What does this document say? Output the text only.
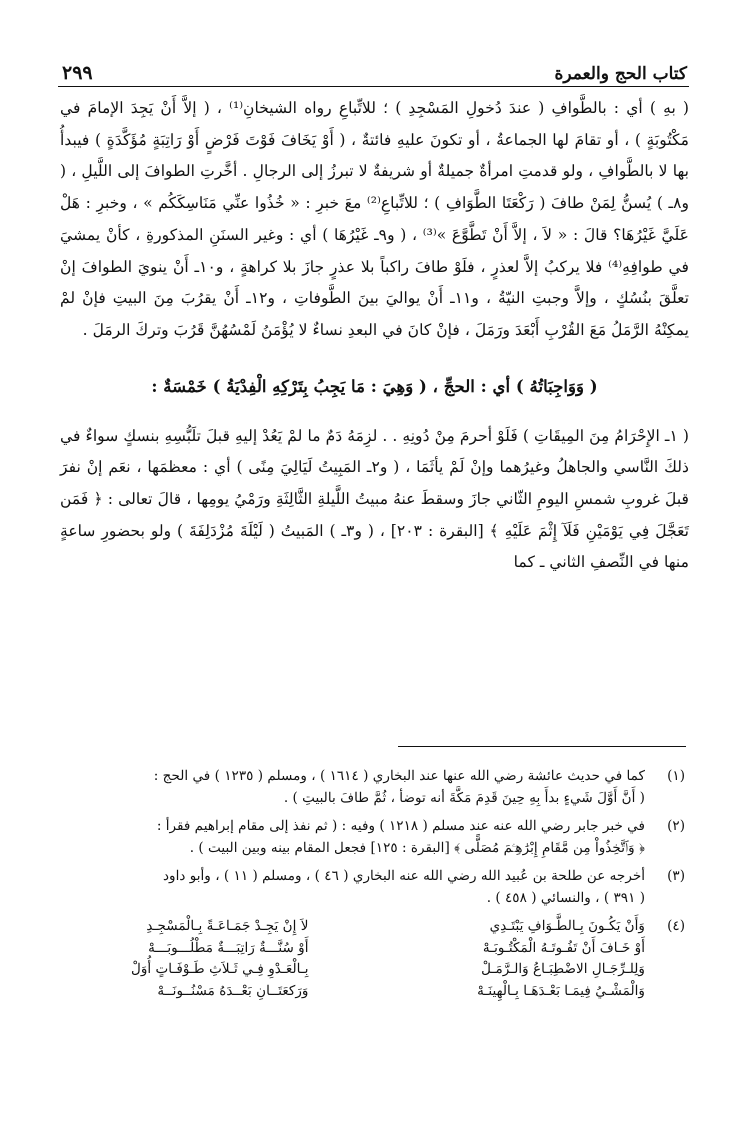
كتاب الحج والعمرة
٢٩٩

( بهِ ) أي : بالطَّوافِ ( عندَ دُخولِ المَسْجِدِ ) ؛ للاتِّباعِ رواه الشيخانِ⁽¹⁾ ، ( إلاَّ أَنْ يَجِدَ الإمامَ في مَكْتُوبَةٍ ) ، أو تقامَ لها الجماعةُ ، أو تكونَ عليهِ فائتةٌ ، ( أَوْ يَخَافَ فَوْتَ فَرْضٍ أَوْ رَاتِبَةٍ مُؤَكَّدَةٍ ) فيبدأُ بها لا بالطَّوافِ ، ولو قدمتِ امرأةٌ جميلةٌ أو شريفةٌ لا تبرزُ إلى الرجالِ . أخَّرتِ الطوافَ إلى اللَّيلِ ، ( و٨ـ ) يُسنُّ لِمَنْ طافَ ( رَكْعَتَا الطَّوَافِ ) ؛ للاتِّباعِ⁽²⁾ معَ خبرِ : « خُذُوا عنِّي مَنَاسِكَكُم » ، وخبرِ : هَلْ عَلَيَّ غَيْرُهَا؟ قالَ : « لاَ ، إلاَّ أَنْ تَطَّوَّعَ »⁽³⁾ ، ( و٩ـ غَيْرُهَا ) أي : وغير السنَنِ المذكورةِ ، كأنْ يمشيَ في طوافِهِ⁽⁴⁾ فلا يركبُ إلاَّ لعذرٍ ، فلَوْ طافَ راكباً بلا عذرٍ جازَ بلا كراهةٍ ، و١٠ـ أَنْ ينويَ الطوافَ إنْ تعلَّقَ بنُسُكٍ ، وإلاَّ وجبتِ النيّةُ ، و١١ـ أَنْ يواليَ بينَ الطَّوفاتِ ، و١٢ـ أَنْ يقرُبَ مِنَ البيتِ فإنْ لمْ يمكِنْهُ الرَّمَلُ مَعَ القُرْبِ أَبْعَدَ ورَمَلَ ، فإنْ كانَ في البعدِ نساءٌ لا يُؤْمَنُ لَمْسُهُنَّ قَرُبَ وتركَ الرمَلَ .

( وَوَاجِبَاتُهُ ) أي : الحجِّ ، ( وَهِيَ : مَا يَجِبُ بِتَرْكِهِ الْفِدْيَةُ ) خَمْسَةٌ :

( ١ـ الإِحْرَامُ مِنَ المِيقَاتِ ) فَلَوْ أحرمَ مِنْ دُونِهِ . . لزِمَهُ دَمٌ ما لمْ يَعُدْ إليهِ قبلَ تلَبُّسِهِ بنسكٍ سواءٌ في ذلكَ النَّاسي والجاهلُ وغيرُهما وإنْ لَمْ يأثَمَا ، ( و٢ـ المَبِيتُ لَيَالِيَ مِنًى ) أي : معظمَها ، نعَم إنْ نفرَ قبلَ غروبِ شمسِ اليومِ الثّاني جازَ وسقطَ عنهُ مبيتُ اللَّيلةِ الثَّالِثَةِ ورَمْيُ يومِها ، قالَ تعالى : ﴿ فَمَن تَعَجَّلَ فِي يَوْمَيْنِ فَلَآ إِثْمَ عَلَيْهِ ﴾ [البقرة : ٢٠٣] ، ( و٣ـ ) المَبيتُ ( لَيْلَةَ مُزْدَلِفَةَ ) ولو بحضورِ ساعةٍ منها في النِّصفِ الثاني ـ كما

(١)
كما في حديث عائشة رضي الله عنها عند البخاري ( ١٦١٤ ) ، ومسلم ( ١٢٣٥ ) في الحج :
( أَنَّ أَوَّلَ شَيءٍ بدأَ بِهِ حِينَ قَدِمَ مَكَّةَ أنه توضأ ، ثُمَّ طافَ بالبيتِ ) .
(٢)
في خبر جابر رضي الله عنه عند مسلم ( ١٢١٨ ) وفيه : ( ثم نفذ إلى مقام إبراهيم فقرأ :
﴿ وَٱتَّخِذُواْ مِن مَّقَامِ إِبْرَٰهِـۧمَ مُصَلًّى ﴾ [البقرة : ١٢٥] فجعل المقام بينه وبين البيت ) .
(٣)
أخرجه عن طلحة بن عُبيد الله رضي الله عنه البخاري ( ٤٦ ) ، ومسلم ( ١١ ) ، وأبو داود
( ٣٩١ ) ، والنسائي ( ٤٥٨ ) .
(٤)
وَأَنْ يَكُـونَ بِـالطَّـوَافِ يَبْتَـدِي
لاَ إِنْ يَجِـدْ جَمَـاعَـةً بِـالْمَسْجِـدِ
أَوْ خَـافَ أَنْ تَفُـوتَـهُ الْمَكْتُـوبَـهْ
أَوْ سُنَّـــةٌ رَاتِبَـــةٌ مَطْلُـــوبَـــهْ
وَلِلـرِّجَـالِ الاضْطِبَـاعُ وَالـرَّمَـلْ
بِـالْعَـدْوِ فِـي ثَـلاَثِ طَـوْفَـاتٍ أُوَلْ
وَالْمَشْـيُ فِيمَـا بَعْـدَهَـا بِـالْهِينَـهْ
وَرَكعَتَــانِ بَعْــدَهُ مَسْنُــونَــهْ
